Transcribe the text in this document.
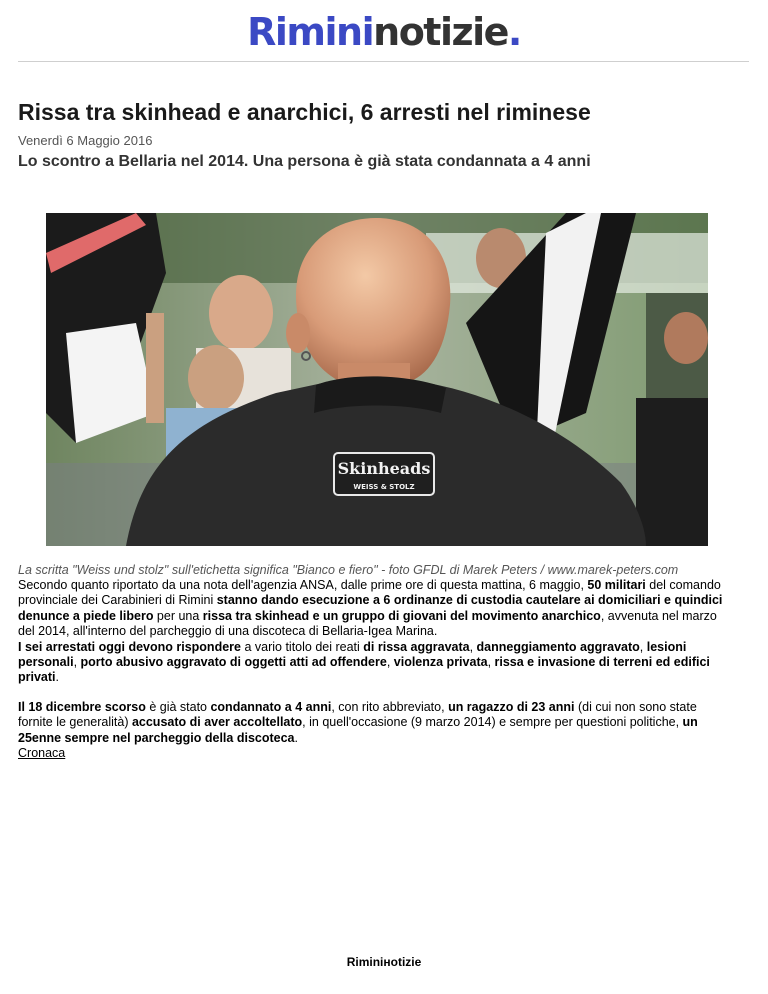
Rimininotizie.
Rissa tra skinhead e anarchici, 6 arresti nel riminese
Venerdì 6 Maggio 2016
Lo scontro a Bellaria nel 2014. Una persona è già stata condannata a 4 anni
Skinheads
WEISS & STOLZ
La scritta "Weiss und stolz" sull'etichetta significa "Bianco e fiero" - foto GFDL di Marek Peters / www.marek-peters.com

Secondo quanto riportato da una nota dell'agenzia ANSA, dalle prime ore di questa mattina, 6 maggio, 50 militari del comando provinciale dei Carabinieri di Rimini stanno dando esecuzione a 6 ordinanze di custodia cautelare ai domiciliari e quindici denunce a piede libero per una rissa tra skinhead e un gruppo di giovani del movimento anarchico, avvenuta nel marzo del 2014, all'interno del parcheggio di una discoteca di Bellaria-Igea Marina.

I sei arrestati oggi devono rispondere a vario titolo dei reati di rissa aggravata, danneggiamento aggravato, lesioni personali, porto abusivo aggravato di oggetti atti ad offendere, violenza privata, rissa e invasione di terreni ed edifici privati.

Il 18 dicembre scorso è già stato condannato a 4 anni, con rito abbreviato, un ragazzo di 23 anni (di cui non sono state fornite le generalità) accusato di aver accoltellato, in quell'occasione (9 marzo 2014) e sempre per questioni politiche, un 25enne sempre nel parcheggio della discoteca.

Cronaca
Riminінotizie
